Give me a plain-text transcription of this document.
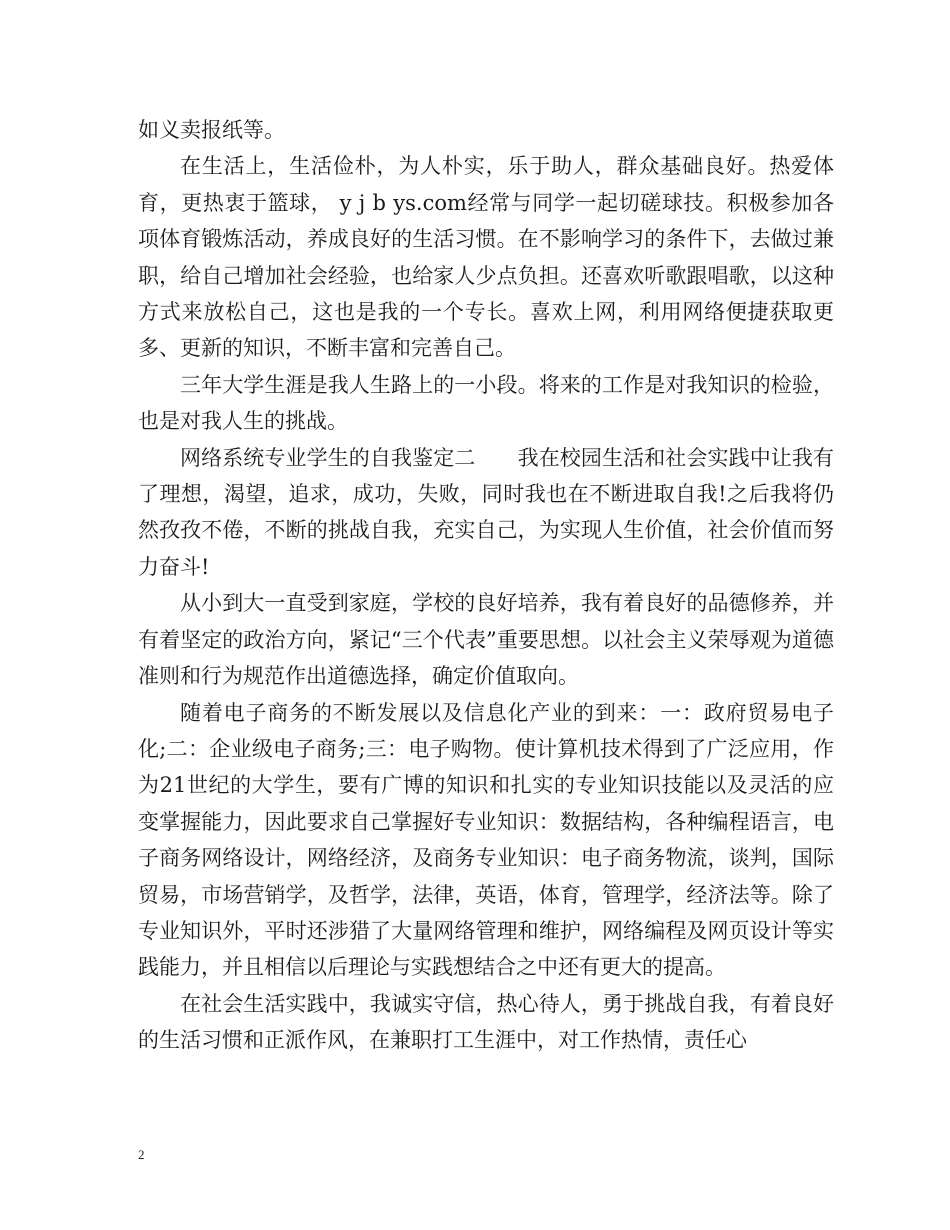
如义卖报纸等。

在生活上，生活俭朴，为人朴实，乐于助人，群众基础良好。热爱体育，更热衷于篮球， y j b ys.com经常与同学一起切磋球技。积极参加各项体育锻炼活动，养成良好的生活习惯。在不影响学习的条件下，去做过兼职，给自己增加社会经验，也给家人少点负担。还喜欢听歌跟唱歌，以这种方式来放松自己，这也是我的一个专长。喜欢上网，利用网络便捷获取更多、更新的知识，不断丰富和完善自己。

三年大学生涯是我人生路上的一小段。将来的工作是对我知识的检验，也是对我人生的挑战。

网络系统专业学生的自我鉴定二　　我在校园生活和社会实践中让我有了理想，渴望，追求，成功，失败，同时我也在不断进取自我!之后我将仍然孜孜不倦，不断的挑战自我，充实自己，为实现人生价值，社会价值而努力奋斗!

从小到大一直受到家庭，学校的良好培养，我有着良好的品德修养，并有着坚定的政治方向，紧记“三个代表”重要思想。以社会主义荣辱观为道德准则和行为规范作出道德选择，确定价值取向。

随着电子商务的不断发展以及信息化产业的到来：一：政府贸易电子化;二：企业级电子商务;三：电子购物。使计算机技术得到了广泛应用，作为21世纪的大学生，要有广博的知识和扎实的专业知识技能以及灵活的应变掌握能力，因此要求自己掌握好专业知识：数据结构，各种编程语言，电子商务网络设计，网络经济，及商务专业知识：电子商务物流，谈判，国际贸易，市场营销学，及哲学，法律，英语，体育，管理学，经济法等。除了专业知识外，平时还涉猎了大量网络管理和维护，网络编程及网页设计等实践能力，并且相信以后理论与实践想结合之中还有更大的提高。

在社会生活实践中，我诚实守信，热心待人，勇于挑战自我，有着良好的生活习惯和正派作风，在兼职打工生涯中，对工作热情，责任心

2
